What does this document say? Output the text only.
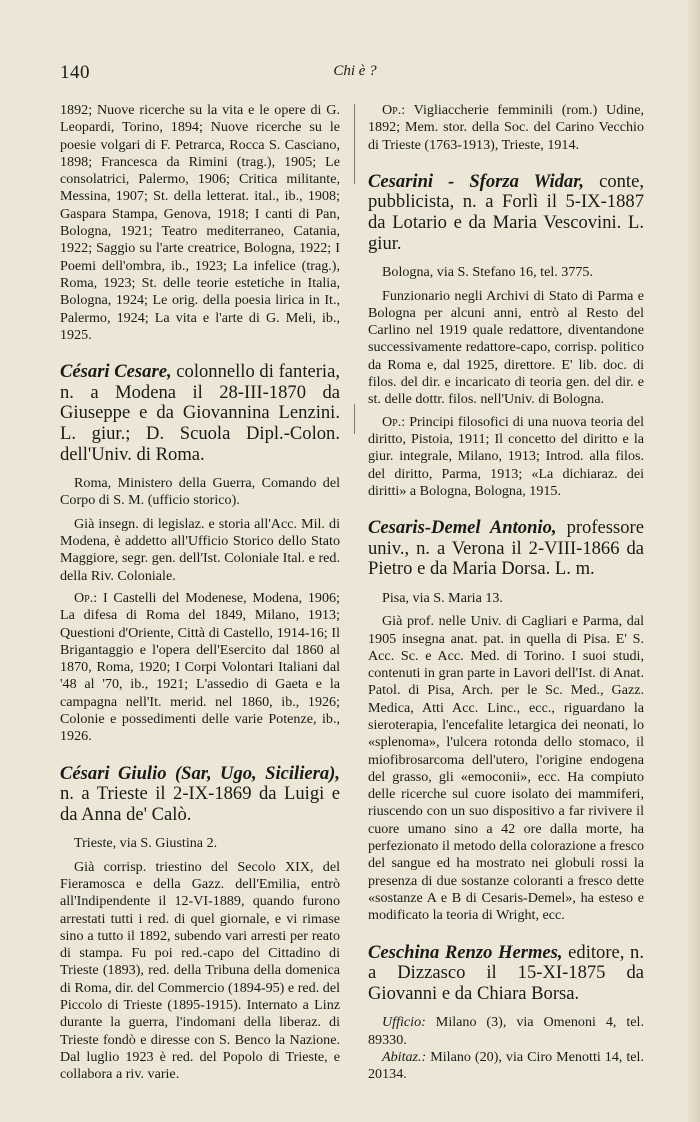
140	Chi è ?

1892; Nuove ricerche su la vita e le opere di G. Leopardi, Torino, 1894; Nuove ricerche su le poesie volgari di F. Petrarca, Rocca S. Casciano, 1898; Francesca da Rimini (trag.), 1905; Le consolatrici, Palermo, 1906; Critica militante, Messina, 1907; St. della letterat. ital., ib., 1908; Gaspara Stampa, Genova, 1918; I canti di Pan, Bologna, 1921; Teatro mediterraneo, Catania, 1922; Saggio su l'arte creatrice, Bologna, 1922; I Poemi dell'ombra, ib., 1923; La infelice (trag.), Roma, 1923; St. delle teorie estetiche in Italia, Bologna, 1924; Le orig. della poesia lirica in It., Palermo, 1924; La vita e l'arte di G. Meli, ib., 1925.

Césari Cesare, colonnello di fanteria, n. a Modena il 28-III-1870 da Giuseppe e da Giovannina Lenzini. L. giur.; D. Scuola Dipl.-Colon. dell'Univ. di Roma.

Roma, Ministero della Guerra, Comando del Corpo di S. M. (ufficio storico).

Già insegn. di legislaz. e storia all'Acc. Mil. di Modena, è addetto all'Ufficio Storico dello Stato Maggiore, segr. gen. dell'Ist. Coloniale Ital. e red. della Riv. Coloniale.

Op.: I Castelli del Modenese, Modena, 1906; La difesa di Roma del 1849, Milano, 1913; Questioni d'Oriente, Città di Castello, 1914-16; Il Brigantaggio e l'opera dell'Esercito dal 1860 al 1870, Roma, 1920; I Corpi Volontari Italiani dal '48 al '70, ib., 1921; L'assedio di Gaeta e la campagna nell'It. merid. nel 1860, ib., 1926; Colonie e possedimenti delle varie Potenze, ib., 1926.

Césari Giulio (Sar, Ugo, Siciliera), n. a Trieste il 2-IX-1869 da Luigi e da Anna de' Calò.

Trieste, via S. Giustina 2.

Già corrisp. triestino del Secolo XIX, del Fieramosca e della Gazz. dell'Emilia, entrò all'Indipendente il 12-VI-1889, quando furono arrestati tutti i red. di quel giornale, e vi rimase sino a tutto il 1892, subendo vari arresti per reato di stampa. Fu poi red.-capo del Cittadino di Trieste (1893), red. della Tribuna della domenica di Roma, dir. del Commercio (1894-95) e red. del Piccolo di Trieste (1895-1915). Internato a Linz durante la guerra, l'indomani della liberaz. di Trieste fondò e diresse con S. Benco la Nazione. Dal luglio 1923 è red. del Popolo di Trieste, e collabora a riv. varie.

Op.: Vigliaccherie femminili (rom.) Udine, 1892; Mem. stor. della Soc. del Carino Vecchio di Trieste (1763-1913), Trieste, 1914.

Cesarini - Sforza Widar, conte, pubblicista, n. a Forlì il 5-IX-1887 da Lotario e da Maria Vescovini. L. giur.

Bologna, via S. Stefano 16, tel. 3775.

Funzionario negli Archivi di Stato di Parma e Bologna per alcuni anni, entrò al Resto del Carlino nel 1919 quale redattore, diventandone successivamente redattore-capo, corrisp. politico da Roma e, dal 1925, direttore. E' lib. doc. di filos. del dir. e incaricato di teoria gen. del dir. e st. delle dottr. filos. nell'Univ. di Bologna.

Op.: Principi filosofici di una nuova teoria del diritto, Pistoia, 1911; Il concetto del diritto e la giur. integrale, Milano, 1913; Introd. alla filos. del diritto, Parma, 1913; «La dichiaraz. dei diritti» a Bologna, Bologna, 1915.

Cesaris-Demel Antonio, professore univ., n. a Verona il 2-VIII-1866 da Pietro e da Maria Dorsa. L. m.

Pisa, via S. Maria 13.

Già prof. nelle Univ. di Cagliari e Parma, dal 1905 insegna anat. pat. in quella di Pisa. E' S. Acc. Sc. e Acc. Med. di Torino. I suoi studi, contenuti in gran parte in Lavori dell'Ist. di Anat. Patol. di Pisa, Arch. per le Sc. Med., Gazz. Medica, Atti Acc. Linc., ecc., riguardano la sieroterapia, l'encefalite letargica dei neonati, lo «splenoma», l'ulcera rotonda dello stomaco, il miofibrosarcoma dell'utero, l'origine endogena del grasso, gli «emoconii», ecc. Ha compiuto delle ricerche sul cuore isolato dei mammiferi, riuscendo con un suo dispositivo a far rivivere il cuore umano sino a 42 ore dalla morte, ha perfezionato il metodo della colorazione a fresco del sangue ed ha mostrato nei globuli rossi la presenza di due sostanze coloranti a fresco dette «sostanze A e B di Cesaris-Demel», ha esteso e modificato la teoria di Wright, ecc.

Ceschina Renzo Hermes, editore, n. a Dizzasco il 15-XI-1875 da Giovanni e da Chiara Borsa.

Ufficio: Milano (3), via Omenoni 4, tel. 89330.

Abitaz.: Milano (20), via Ciro Menotti 14, tel. 20134.
